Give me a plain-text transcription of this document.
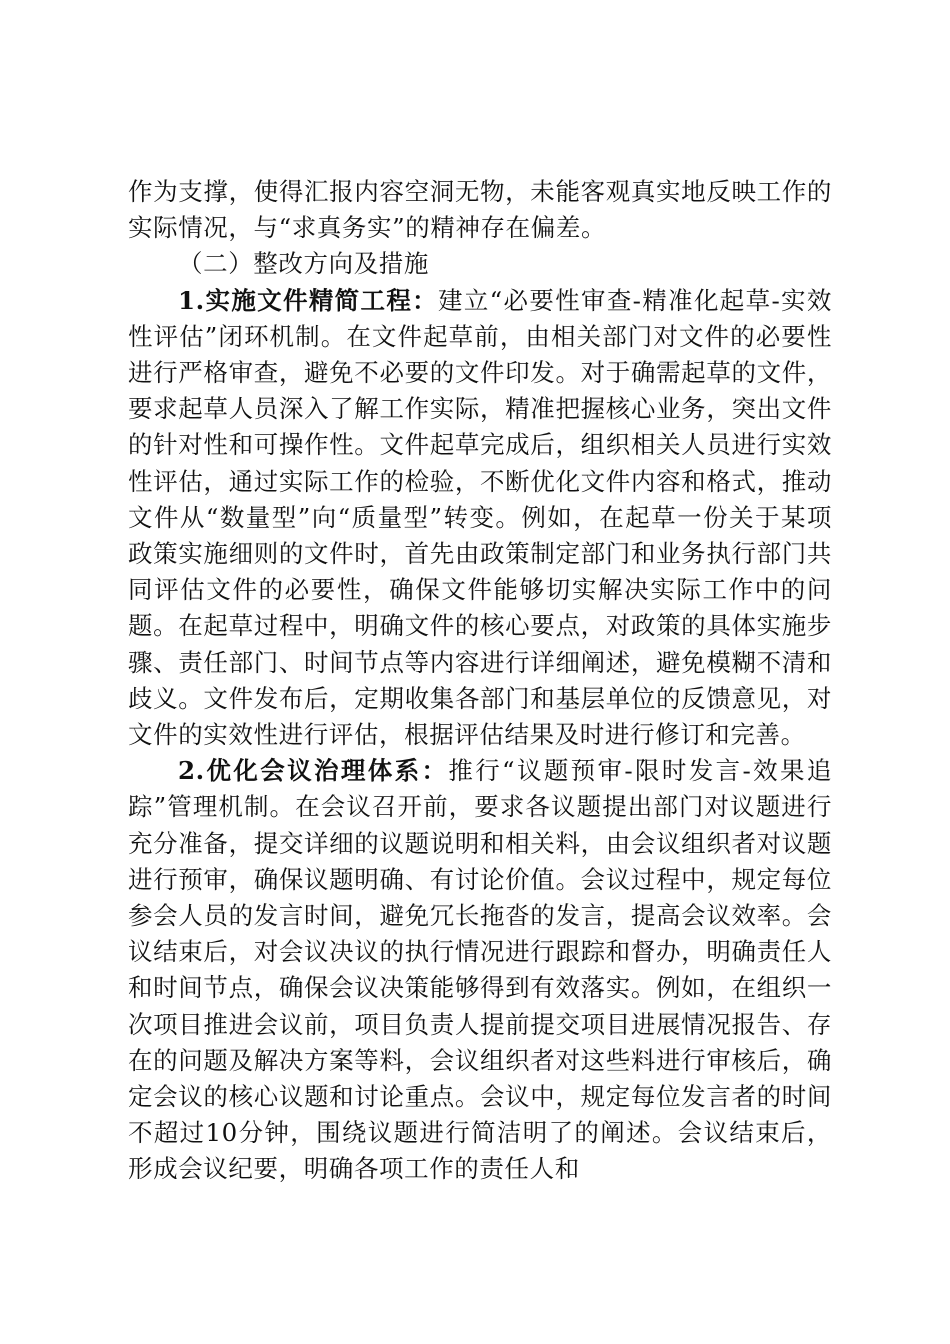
作为支撑，使得汇报内容空洞无物，未能客观真实地反映工作的实际情况，与“求真务实”的精神存在偏差。

（二）整改方向及措施

1.实施文件精简工程：建立“必要性审查-精准化起草-实效性评估”闭环机制。在文件起草前，由相关部门对文件的必要性进行严格审查，避免不必要的文件印发。对于确需起草的文件，要求起草人员深入了解工作实际，精准把握核心业务，突出文件的针对性和可操作性。文件起草完成后，组织相关人员进行实效性评估，通过实际工作的检验，不断优化文件内容和格式，推动文件从“数量型”向“质量型”转变。例如，在起草一份关于某项政策实施细则的文件时，首先由政策制定部门和业务执行部门共同评估文件的必要性，确保文件能够切实解决实际工作中的问题。在起草过程中，明确文件的核心要点，对政策的具体实施步骤、责任部门、时间节点等内容进行详细阐述，避免模糊不清和歧义。文件发布后，定期收集各部门和基层单位的反馈意见，对文件的实效性进行评估，根据评估结果及时进行修订和完善。

2.优化会议治理体系：推行“议题预审-限时发言-效果追踪”管理机制。在会议召开前，要求各议题提出部门对议题进行充分准备，提交详细的议题说明和相关料，由会议组织者对议题进行预审，确保议题明确、有讨论价值。会议过程中，规定每位参会人员的发言时间，避免冗长拖沓的发言，提高会议效率。会议结束后，对会议决议的执行情况进行跟踪和督办，明确责任人和时间节点，确保会议决策能够得到有效落实。例如，在组织一次项目推进会议前，项目负责人提前提交项目进展情况报告、存在的问题及解决方案等料，会议组织者对这些料进行审核后，确定会议的核心议题和讨论重点。会议中，规定每位发言者的时间不超过10分钟，围绕议题进行简洁明了的阐述。会议结束后，形成会议纪要，明确各项工作的责任人和
